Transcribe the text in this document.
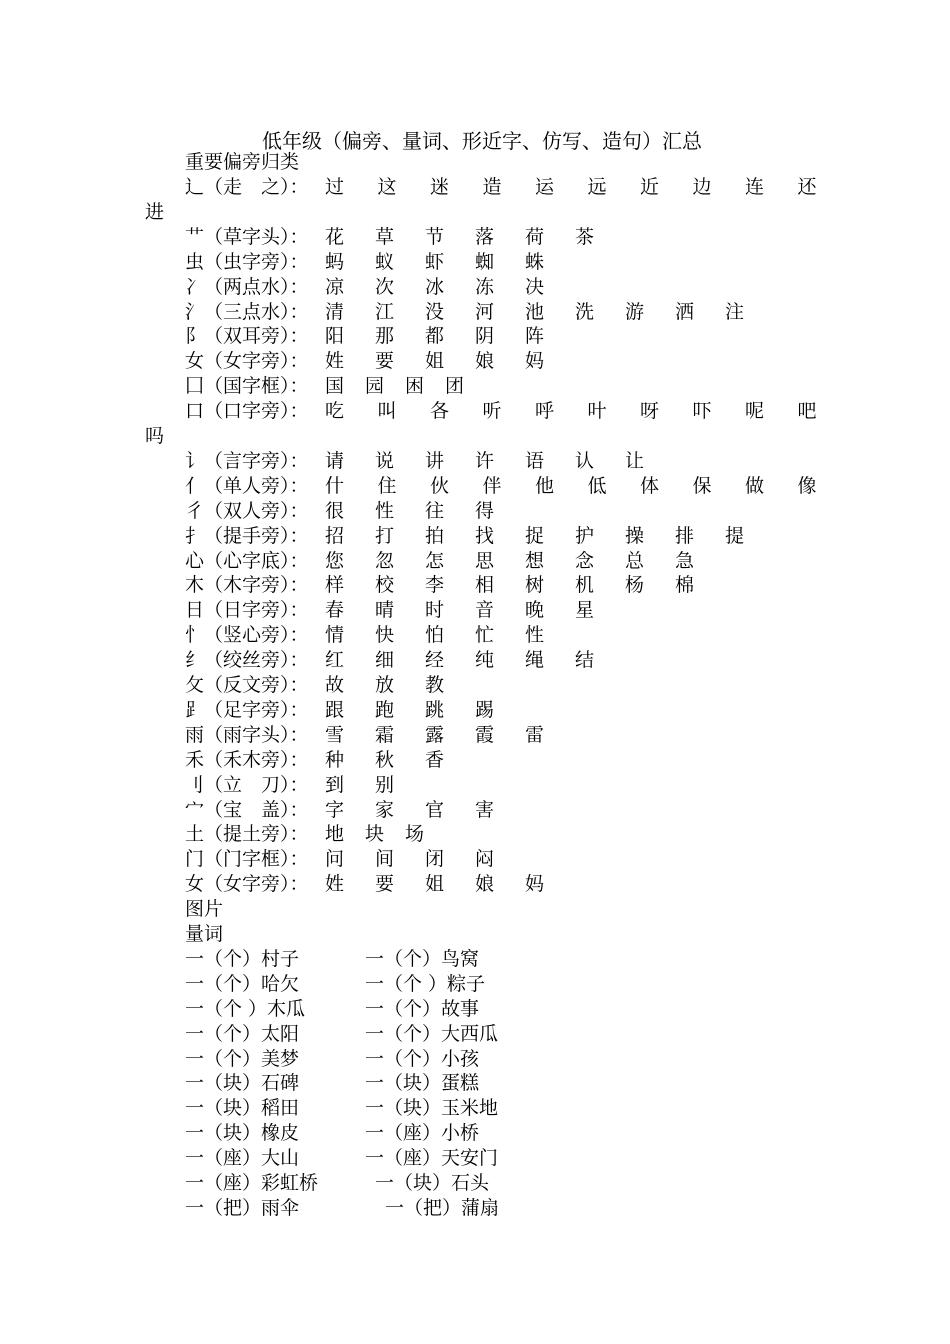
低年级（偏旁、量词、形近字、仿写、造句）汇总
重要偏旁归类
辶（走　之）： 过 这 迷 造 运 远 近 边 连 还
进
艹（草字头）： 花 草 节 落 荷 茶
虫（虫字旁）： 蚂 蚁 虾 蜘 蛛
冫（两点水）： 凉 次 冰 冻 决
氵（三点水）： 清 江 没 河 池 洗 游 洒 注
阝（双耳旁）： 阳 那 都 阴 阵
女（女字旁）： 姓 要 姐 娘 妈
囗（国字框）： 国 园 困 团
口（口字旁）： 吃 叫 各 听 呼 叶 呀 吓 呢 吧
吗
讠（言字旁）： 请 说 讲 许 语 认 让
亻（单人旁）： 什 住 伙 伴 他 低 体 保 做 像
彳（双人旁）： 很 性 往 得
扌（提手旁）： 招 打 拍 找 捉 护 操 排 提
心（心字底）： 您 忽 怎 思 想 念 总 急
木（木字旁）： 样 校 李 相 树 机 杨 棉
日（日字旁）： 春 晴 时 音 晚 星
忄（竖心旁）： 情 快 怕 忙 性
纟（绞丝旁）： 红 细 经 纯 绳 结
攵（反文旁）： 故 放 教
⻊（足字旁）： 跟 跑 跳 踢
雨（雨字头）： 雪 霜 露 霞 雷
禾（禾木旁）： 种 秋 香
刂（立　刀）： 到 别
宀（宝　盖）： 字 家 官 害
土（提土旁）： 地 块 场
门（门字框）： 问 间 闭 闷
女（女字旁）： 姓 要 姐 娘 妈
图片
量词
一（个）村子	一（个）鸟窝
一（个）哈欠	一（个 ）粽子
一（个 ）木瓜	一（个）故事
一（个）太阳	一（个）大西瓜
一（个）美梦	一（个）小孩
一（块）石碑	一（块）蛋糕
一（块）稻田	一（块）玉米地
一（块）橡皮	一（座）小桥
一（座）大山	一（座）天安门
一（座）彩虹桥	一（块）石头
一（把）雨伞	一（把）蒲扇
